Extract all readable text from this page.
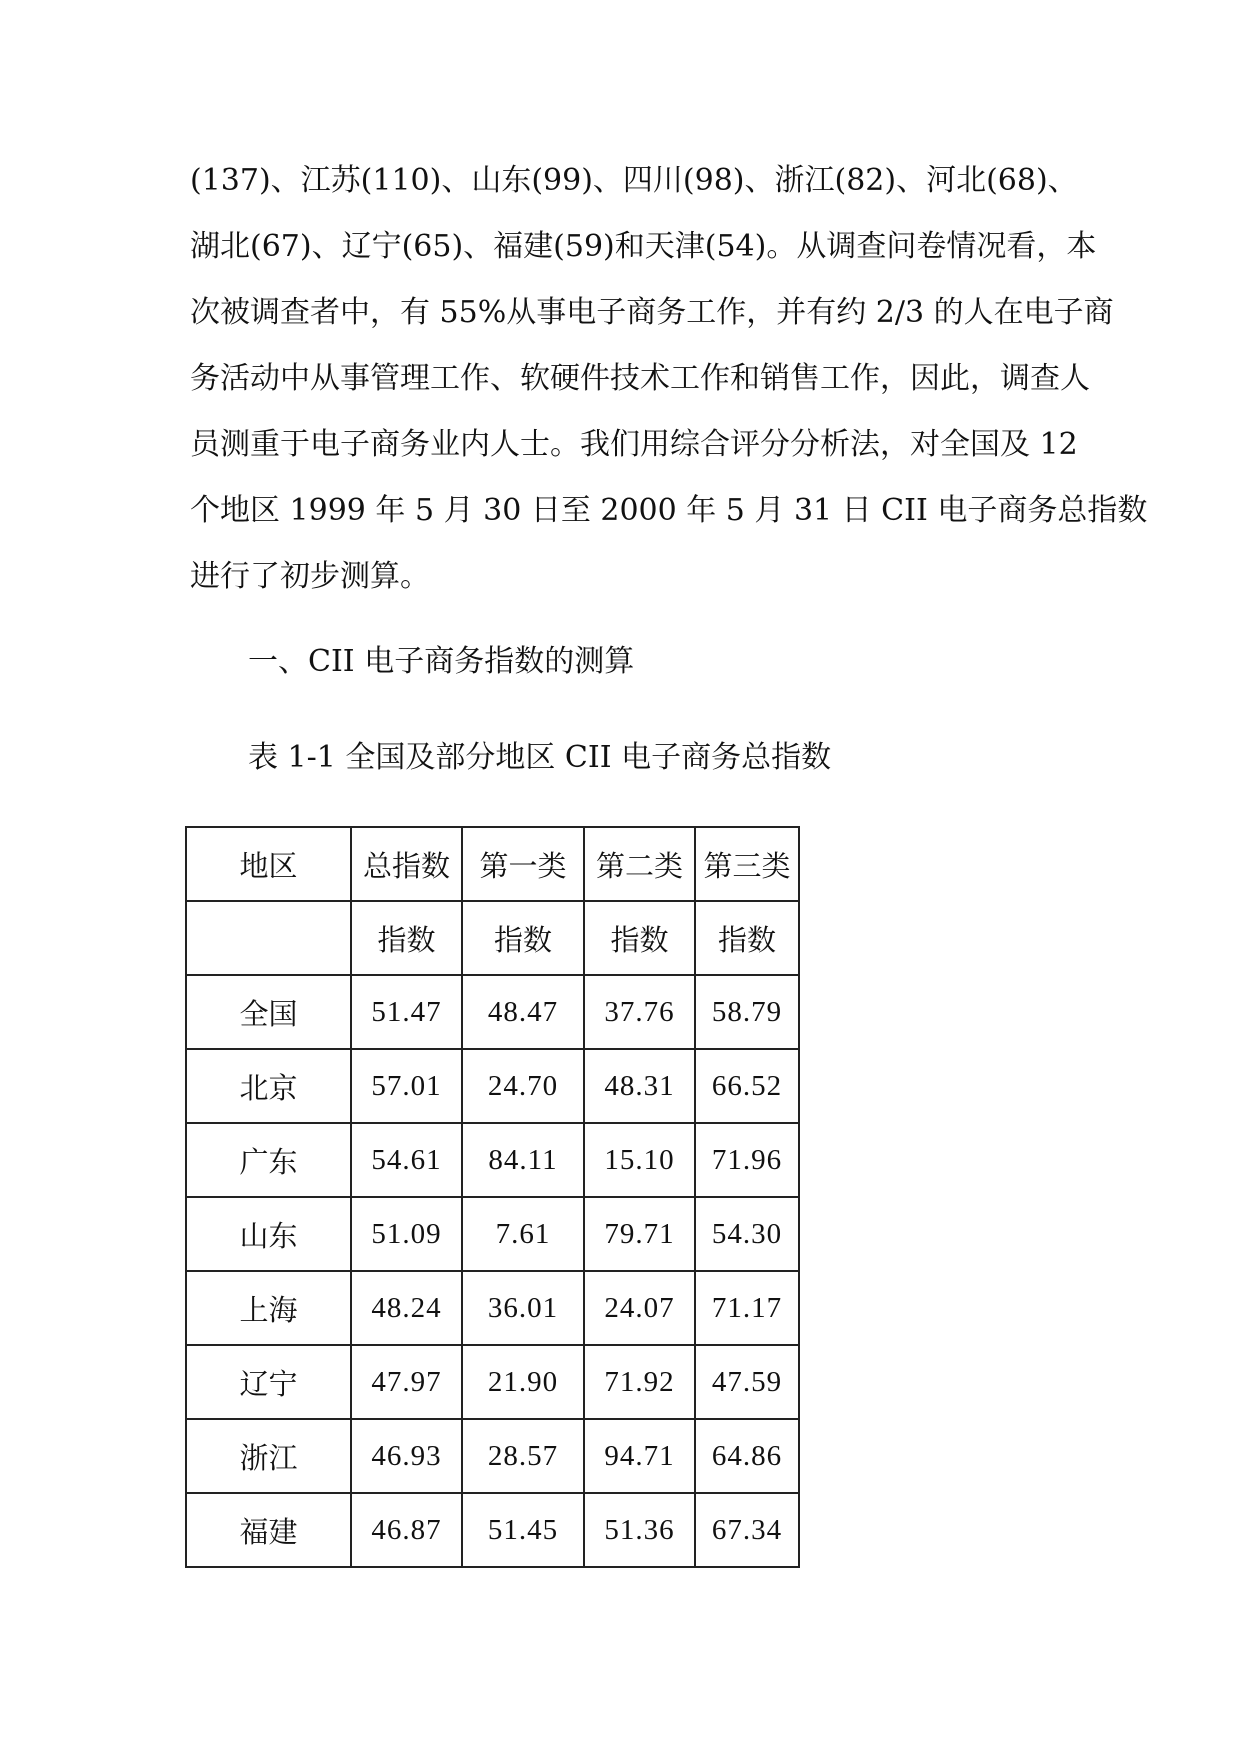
(137)、江苏(110)、山东(99)、四川(98)、浙江(82)、河北(68)、
湖北(67)、辽宁(65)、福建(59)和天津(54)。从调查问卷情况看，本
次被调查者中，有 55%从事电子商务工作，并有约 2/3 的人在电子商
务活动中从事管理工作、软硬件技术工作和销售工作，因此，调查人
员测重于电子商务业内人士。我们用综合评分分析法，对全国及 12
个地区 1999 年 5 月 30 日至 2000 年 5 月 31 日 CII 电子商务总指数
进行了初步测算。
一、CII 电子商务指数的测算
表 1-1 全国及部分地区 CII 电子商务总指数
地区	总指数	第一类	第二类	第三类
	指数	指数	指数	指数
全国	51.47	48.47	37.76	58.79
北京	57.01	24.70	48.31	66.52
广东	54.61	84.11	15.10	71.96
山东	51.09	7.61	79.71	54.30
上海	48.24	36.01	24.07	71.17
辽宁	47.97	21.90	71.92	47.59
浙江	46.93	28.57	94.71	64.86
福建	46.87	51.45	51.36	67.34
